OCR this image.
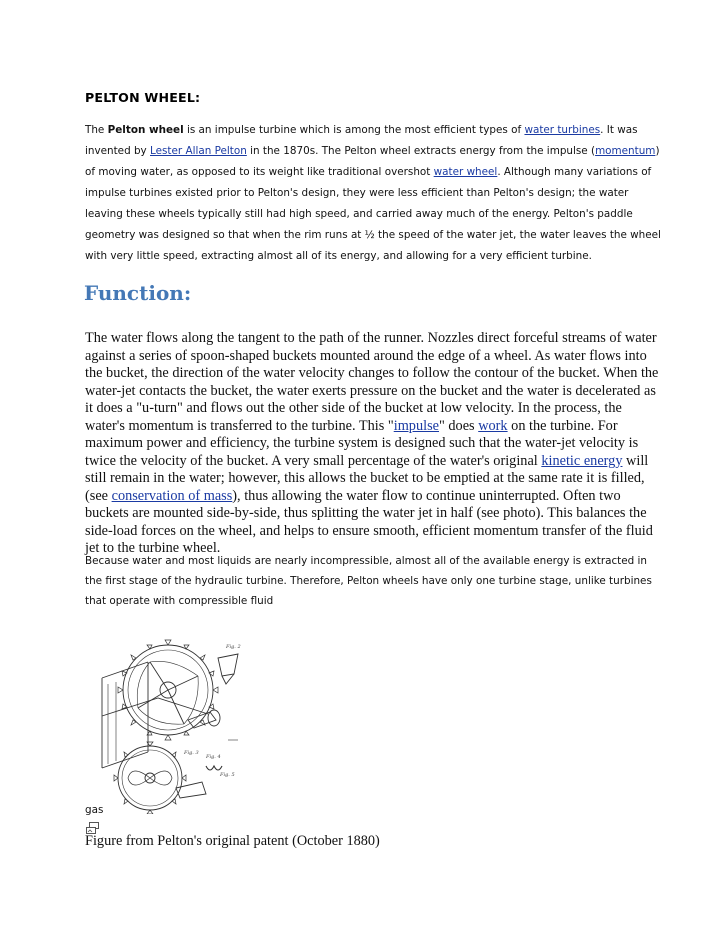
PELTON WHEEL:
The Pelton wheel is an impulse turbine which is among the most efficient types of water turbines. It was invented by Lester Allan Pelton in the 1870s. The Pelton wheel extracts energy from the impulse (momentum) of moving water, as opposed to its weight like traditional overshot water wheel. Although many variations of impulse turbines existed prior to Pelton's design, they were less efficient than Pelton's design; the water leaving these wheels typically still had high speed, and carried away much of the energy. Pelton's paddle geometry was designed so that when the rim runs at ½ the speed of the water jet, the water leaves the wheel with very little speed, extracting almost all of its energy, and allowing for a very efficient turbine.
Function:
The water flows along the tangent to the path of the runner. Nozzles direct forceful streams of water against a series of spoon-shaped buckets mounted around the edge of a wheel. As water flows into the bucket, the direction of the water velocity changes to follow the contour of the bucket. When the water-jet contacts the bucket, the water exerts pressure on the bucket and the water is decelerated as it does a "u-turn" and flows out the other side of the bucket at low velocity. In the process, the water's momentum is transferred to the turbine. This "impulse" does work on the turbine. For maximum power and efficiency, the turbine system is designed such that the water-jet velocity is twice the velocity of the bucket. A very small percentage of the water's original kinetic energy will still remain in the water; however, this allows the bucket to be emptied at the same rate it is filled, (see conservation of mass), thus allowing the water flow to continue uninterrupted. Often two buckets are mounted side-by-side, thus splitting the water jet in half (see photo). This balances the side-load forces on the wheel, and helps to ensure smooth, efficient momentum transfer of the fluid jet to the turbine wheel.
Because water and most liquids are nearly incompressible, almost all of the available energy is extracted in the first stage of the hydraulic turbine. Therefore, Pelton wheels have only one turbine stage, unlike turbines that operate with compressible fluid
Fig. 2
Fig. 3
Fig. 4
Fig. 5
gas
Figure from Pelton's original patent (October 1880)
